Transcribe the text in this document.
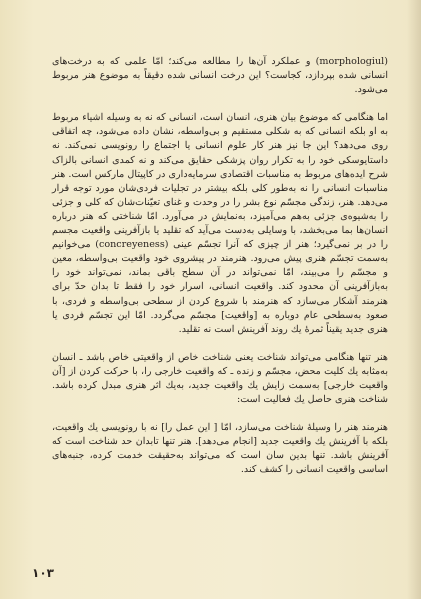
(morphologiul) و عملکرد آن‌ها را مطالعه می‌کند؛ امّا علمی که به درخت‌های انسانی شده بپردازد، کجاست؟ این درخت انسانی شده دقیقاً به موضوع هنر مربوط می‌شود.

اما هنگامی که موضوع بیان هنری، انسان است، انسانی که نه به وسیله اشیاء مربوط به او بلکه انسانی که به شکلی مستقیم و بی‌واسطه، نشان داده می‌شود، چه اتفاقی روی می‌دهد؟ این جا نیز هنر کار علوم انسانی یا اجتماع را رونویسی نمی‌کند. نه داستایوسکی خود را به تکرار روان پزشکی حقایق می‌کند و نه کمدی انسانی بالزاک شرح ایده‌های مربوط به مناسبات اقتصادی سرمایه‌داری در کاپیتال مارکس است. هنر مناسبات انسانی را نه به‌طور کلی بلکه بیشتر در تجلیات فردی‌شان مورد توجه قرار می‌دهد. هنر، زندگی مجسّم نوع بشر را در وحدت و غنای تعیّنات‌شان که کلی و جزئی را به‌شیوه‌ی جزئی به‌هم می‌آمیزد، به‌نمایش در می‌آورد. امّا شناختی که هنر درباره انسان‌ها بما می‌بخشد، با وسایلی به‌دست می‌آید که تقلید یا بازآفرینی واقعیت مجسم را در بر نمی‌گیرد؛ هنر از چیزی که آنرا تجسّم عینی (concreyeness) می‌خوانیم به‌سمت تجسّم هنری پیش می‌رود. هنرمند در پیشروی خود واقعیت بی‌واسطه، معین و مجسّم را می‌بیند، امّا نمی‌تواند در آن سطح باقی بماند، نمی‌تواند خود را به‌بازآفرینی آن محدود کند. واقعیت انسانی، اسرار خود را فقط تا بدان حدّ برای هنرمند آشکار می‌سازد که هنرمند با شروع کردن از سطحی بی‌واسطه و فردی، با صعود به‌سطحی عام دوباره به [واقعیت] مجسّم می‌گردد. امّا این تجسّم فردی یا هنری جدید یقیناً ثمرۀ یك روند آفرینش است نه تقلید.

هنر تنها هنگامی می‌تواند شناخت یعنی شناخت خاص از واقعیتی خاص باشد ـ انسان به‌مثابه یك کلیت محض، مجسّم و زنده ـ که واقعیت خارجی را، با حرکت کردن از [آن واقعیت خارجی] به‌سمت زایش یك واقعیت جدید، به‌یك اثر هنری مبدل کرده باشد. شناخت هنری حاصل یك فعالیت است:

هنرمند هنر را وسیلۀ شناخت می‌سازد، امّا [ این عمل را] نه با رونویسی یك واقعیت، بلکه با آفرینش یك واقعیت جدید [انجام می‌دهد]. هنر تنها تابدان حد شناخت است که آفرینش باشد. تنها بدین سان است که می‌تواند به‌حقیقت خدمت کرده، جنبه‌های اساسی واقعیت انسانی را کشف کند.

۱۰۳
